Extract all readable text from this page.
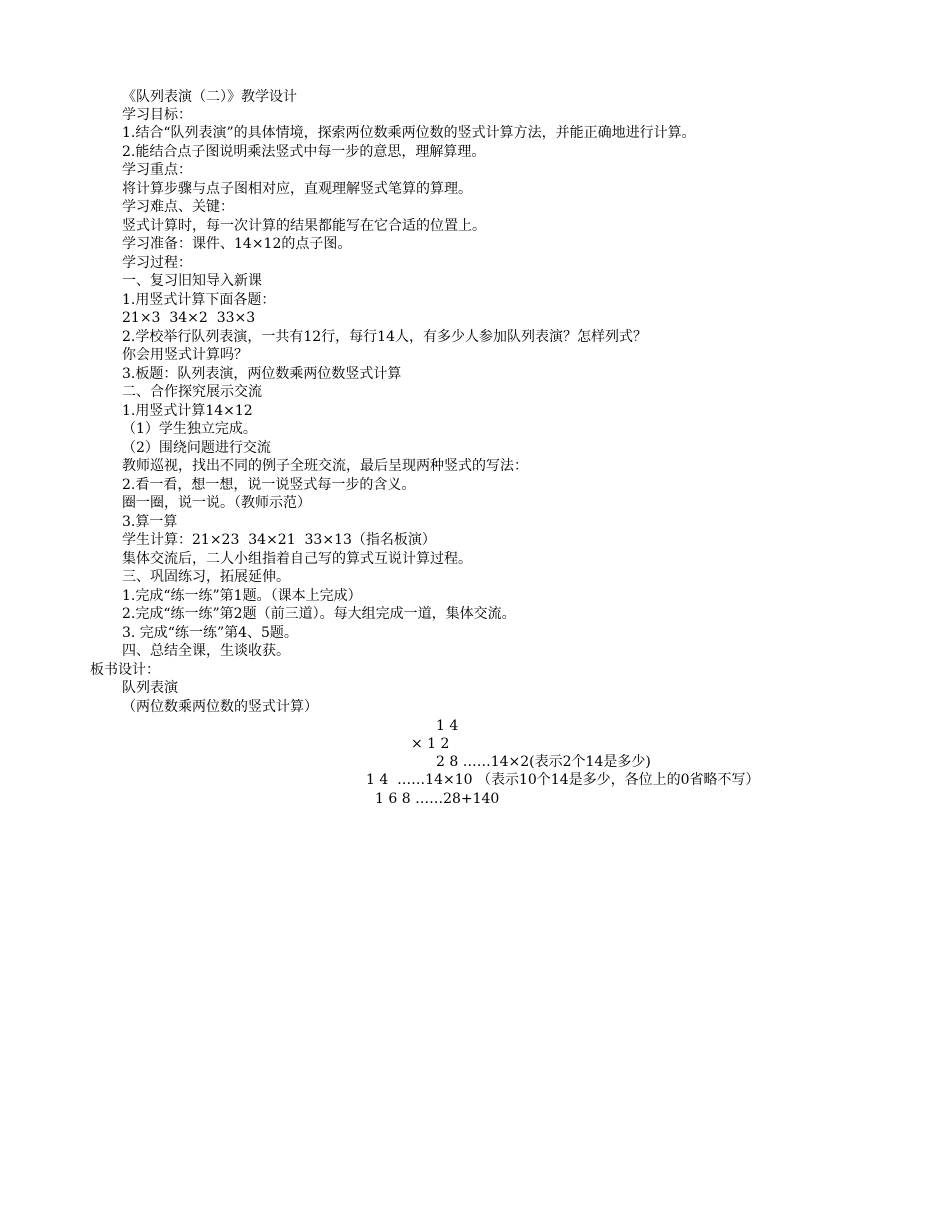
《队列表演（二）》教学设计
学习目标：
1.结合“队列表演”的具体情境，探索两位数乘两位数的竖式计算方法，并能正确地进行计算。
2.能结合点子图说明乘法竖式中每一步的意思，理解算理。
学习重点：
将计算步骤与点子图相对应，直观理解竖式笔算的算理。
学习难点、关键：
竖式计算时，每一次计算的结果都能写在它合适的位置上。
学习准备：课件、14×12的点子图。
学习过程：
一、复习旧知导入新课
1.用竖式计算下面各题：
21×3  34×2  33×3
2.学校举行队列表演，一共有12行，每行14人，有多少人参加队列表演？怎样列式？
你会用竖式计算吗？
3.板题：队列表演，两位数乘两位数竖式计算
二、合作探究展示交流
1.用竖式计算14×12
（1）学生独立完成。
（2）围绕问题进行交流
教师巡视，找出不同的例子全班交流，最后呈现两种竖式的写法：
2.看一看，想一想，说一说竖式每一步的含义。
圈一圈，说一说。（教师示范）
3.算一算
学生计算：21×23  34×21  33×13（指名板演）
集体交流后，二人小组指着自己写的算式互说计算过程。
三、巩固练习，拓展延伸。
1.完成“练一练”第1题。（课本上完成）
2.完成“练一练”第2题（前三道）。每大组完成一道，集体交流。
3. 完成“练一练”第4、5题。
四、总结全课，生谈收获。
板书设计：
队列表演
（两位数乘两位数的竖式计算）
1 4
× 1 2
2 8 ……14×2(表示2个14是多少)
1 4  ……14×10 （表示10个14是多少，各位上的0省略不写）
1 6 8 ……28+140
